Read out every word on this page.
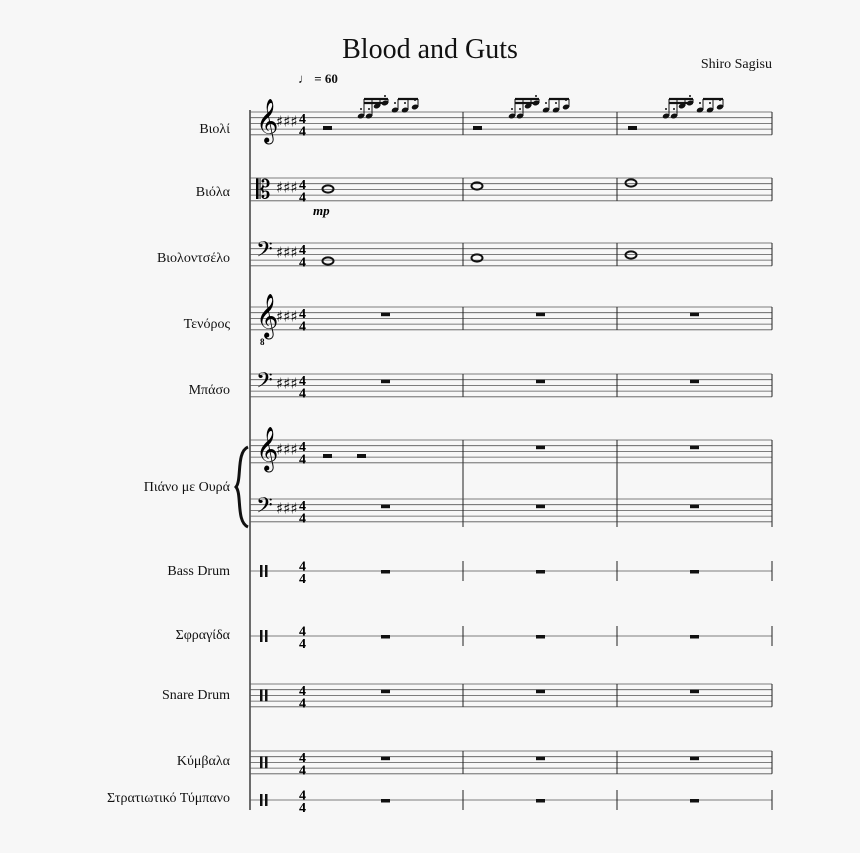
Blood and Guts	Shiro Sagisu
♩ = 60
Βιολί
Βιόλα
Βιολοντσέλο
Τενόρος
Μπάσο
Πιάνο με Ουρά
Bass Drum
Σφραγίδα
Snare Drum
Κύμβαλα
Στρατιωτικό Τύμπανο
𝄞
♯♯♯ 4
4
𝄡 ♯♯♯ 4
4
𝄢 ♯♯♯ 4
4
𝄞
8
♯♯♯ 4
4
𝄢 ♯♯♯ 4
4
𝄞
♯♯♯ 4
4
𝄢 ♯♯♯ 4
4
4
4
4
4
4
4
4
4
4
4
mp
